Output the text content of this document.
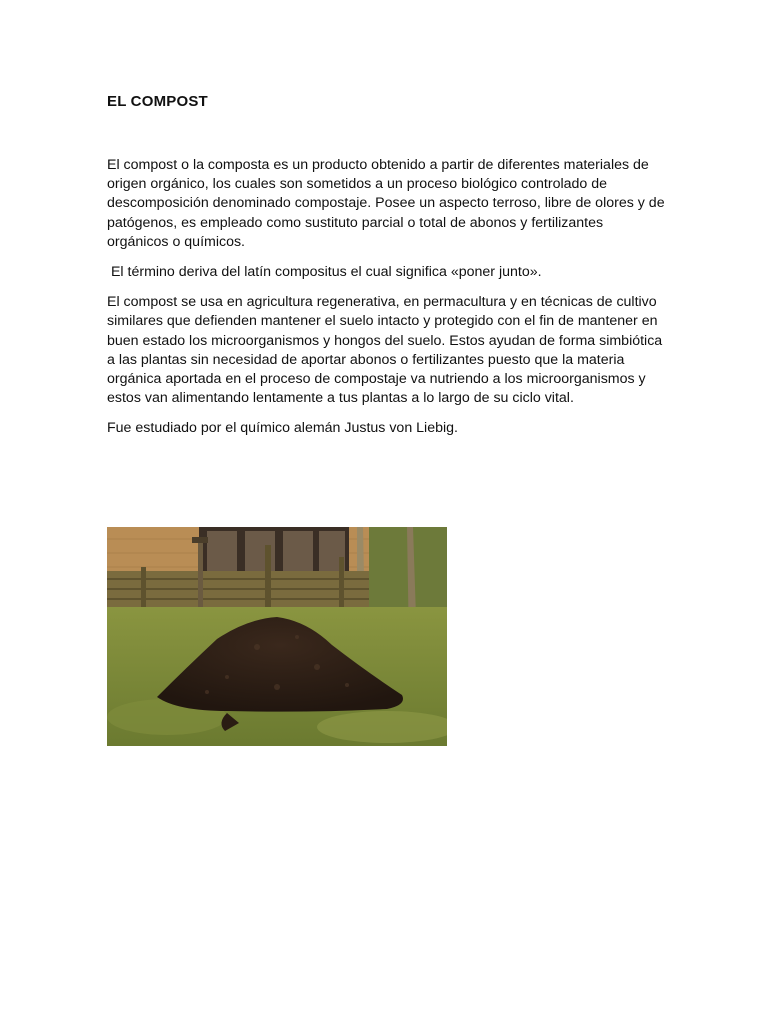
EL COMPOST

El compost o la composta es un producto obtenido a partir de diferentes materiales de origen orgánico, los cuales son sometidos a un proceso biológico controlado de descomposición denominado compostaje. Posee un aspecto terroso, libre de olores y de patógenos, es empleado como sustituto parcial o total de abonos y fertilizantes orgánicos o químicos.

El término deriva del latín compositus el cual significa «poner junto».

El compost se usa en agricultura regenerativa, en permacultura y en técnicas de cultivo similares que defienden mantener el suelo intacto y protegido con el fin de mantener en buen estado los microorganismos y hongos del suelo. Estos ayudan de forma simbiótica a las plantas sin necesidad de aportar abonos o fertilizantes puesto que la materia orgánica aportada en el proceso de compostaje va nutriendo a los microorganismos y estos van alimentando lentamente a tus plantas a lo largo de su ciclo vital.

Fue estudiado por el químico alemán Justus von Liebig.
